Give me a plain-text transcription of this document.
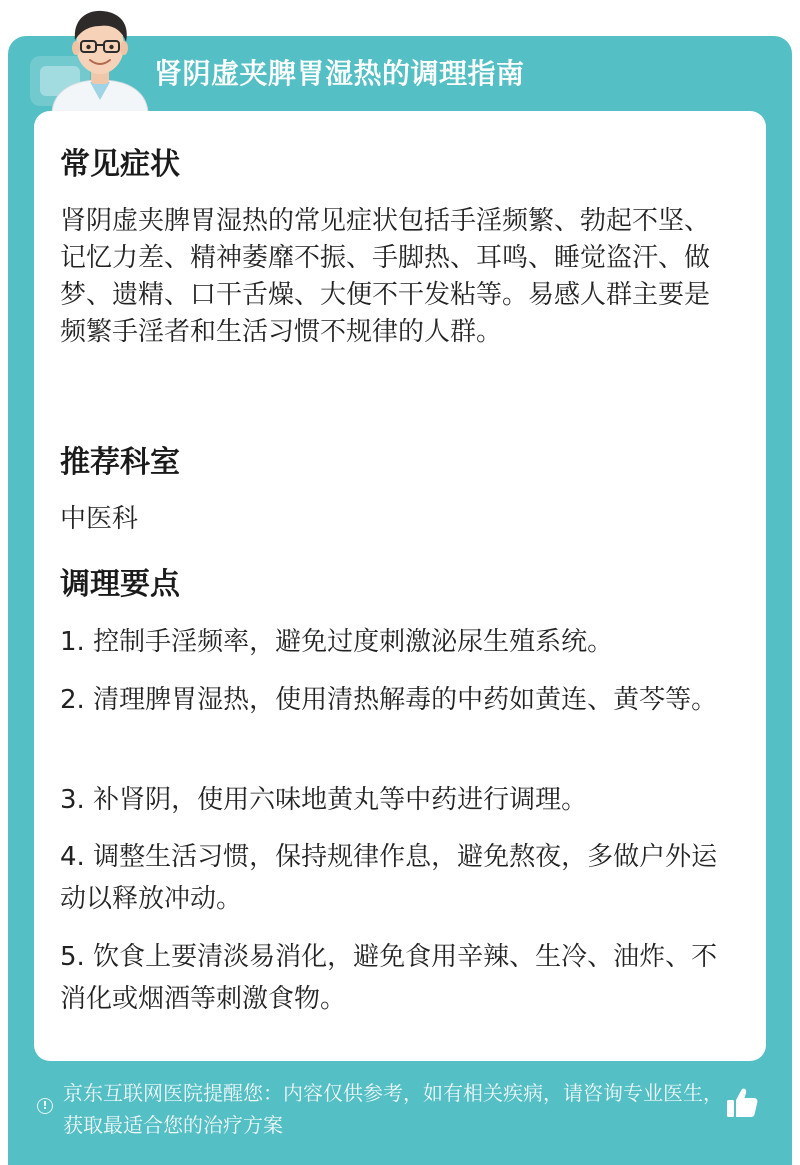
肾阴虚夹脾胃湿热的调理指南
常见症状
肾阴虚夹脾胃湿热的常见症状包括手淫频繁、勃起不坚、记忆力差、精神萎靡不振、手脚热、耳鸣、睡觉盗汗、做梦、遗精、口干舌燥、大便不干发粘等。易感人群主要是频繁手淫者和生活习惯不规律的人群。
推荐科室
中医科
调理要点
1. 控制手淫频率，避免过度刺激泌尿生殖系统。
2. 清理脾胃湿热，使用清热解毒的中药如黄连、黄芩等。
3. 补肾阴，使用六味地黄丸等中药进行调理。
4. 调整生活习惯，保持规律作息，避免熬夜，多做户外运动以释放冲动。
5. 饮食上要清淡易消化，避免食用辛辣、生冷、油炸、不消化或烟酒等刺激食物。
!
京东互联网医院提醒您：内容仅供参考，如有相关疾病，请咨询专业医生，获取最适合您的治疗方案
